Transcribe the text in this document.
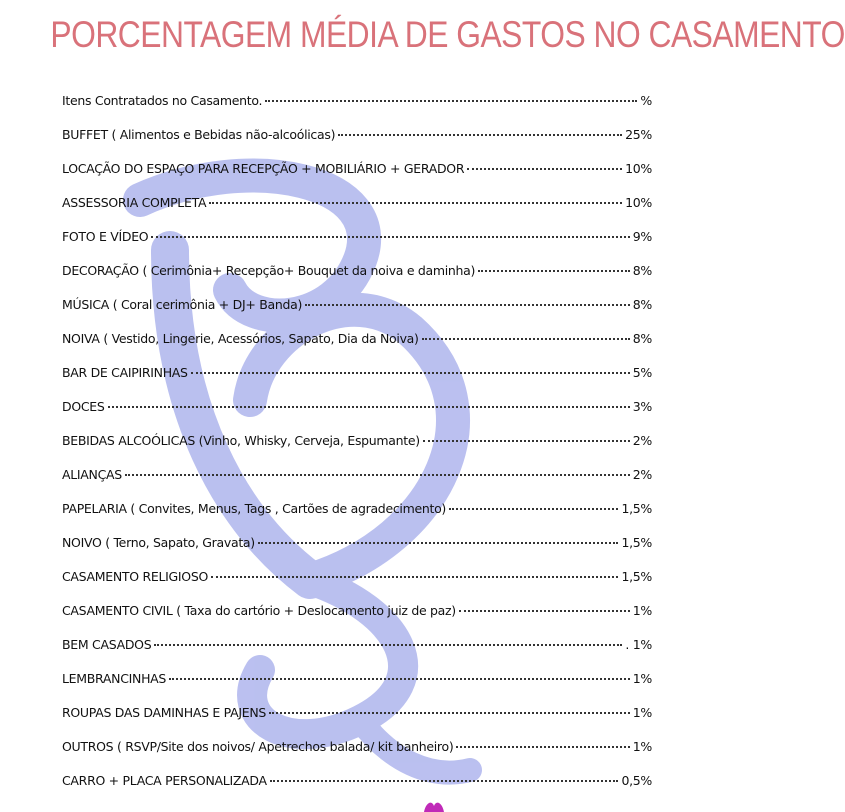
PORCENTAGEM MÉDIA DE GASTOS NO CASAMENTO
Itens Contratados no Casamento.	%
BUFFET ( Alimentos e Bebidas não-alcoólicas)	25%
LOCAÇÃO DO ESPAÇO PARA RECEPÇÃO + MOBILIÁRIO + GERADOR	10%
ASSESSORIA COMPLETA	10%
FOTO E VÍDEO	9%
DECORAÇÃO ( Cerimônia+ Recepção+ Bouquet da noiva e daminha)	8%
MÚSICA ( Coral cerimônia + DJ+ Banda)	8%
NOIVA ( Vestido, Lingerie, Acessórios, Sapato, Dia da Noiva)	8%
BAR DE CAIPIRINHAS	5%
DOCES	3%
BEBIDAS ALCOÓLICAS (Vinho, Whisky, Cerveja, Espumante)	2%
ALIANÇAS	2%
PAPELARIA ( Convites, Menus, Tags , Cartões de agradecimento)	1,5%
NOIVO ( Terno, Sapato, Gravata)	1,5%
CASAMENTO RELIGIOSO	1,5%
CASAMENTO CIVIL ( Taxa do cartório + Deslocamento juiz de paz)	1%
BEM CASADOS	. 1%
LEMBRANCINHAS	1%
ROUPAS DAS DAMINHAS E PAJENS	1%
OUTROS ( RSVP/Site dos noivos/ Apetrechos balada/ kit banheiro)	1%
CARRO + PLACA PERSONALIZADA	0,5%
